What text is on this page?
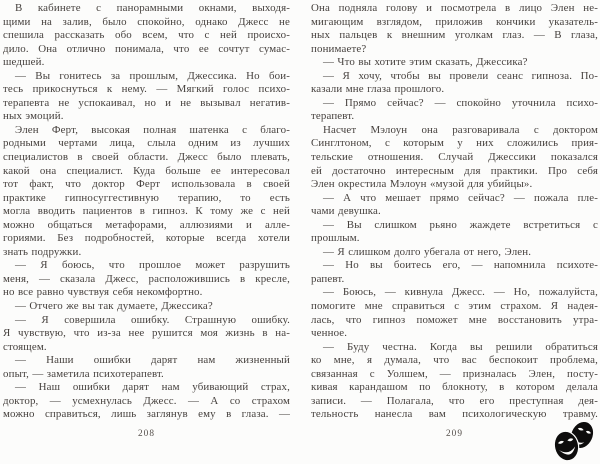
В кабинете с панорамными окнами, выходя-
щими на залив, было спокойно, однако Джесс не
спешила рассказать обо всем, что с ней происхо-
дило. Она отлично понимала, что ее сочтут сумас-
шедшей.
— Вы гонитесь за прошлым, Джессика. Но бои-
тесь прикоснуться к нему. — Мягкий голос психо-
терапевта не успокаивал, но и не вызывал негатив-
ных эмоций.
Элен Ферт, высокая полная шатенка с благо-
родными чертами лица, слыла одним из лучших
специалистов в своей области. Джесс было плевать,
какой она специалист. Куда больше ее интересовал
тот факт, что доктор Ферт использовала в своей
практике гипносуггестивную терапию, то есть
могла вводить пациентов в гипноз. К тому же с ней
можно общаться метафорами, аллюзиями и алле-
гориями. Без подробностей, которые всегда хотели
знать подружки.
— Я боюсь, что прошлое может разрушить
меня, — сказала Джесс, расположившись в кресле,
но все равно чувствуя себя некомфортно.
— Отчего же вы так думаете, Джессика?
— Я совершила ошибку. Страшную ошибку.
Я чувствую, что из-за нее рушится моя жизнь в на-
стоящем.
— Наши ошибки дарят нам жизненный
опыт, — заметила психотерапевт.
— Наш ошибки дарят нам убивающий страх,
доктор, — усмехнулась Джесс. — А со страхом
можно справиться, лишь заглянув ему в глаза. —
208
Она подняла голову и посмотрела в лицо Элен не-
мигающим взглядом, приложив кончики указатель-
ных пальцев к внешним уголкам глаз. — В глаза,
понимаете?
— Что вы хотите этим сказать, Джессика?
— Я хочу, чтобы вы провели сеанс гипноза. По-
казали мне глаза прошлого.
— Прямо сейчас? — спокойно уточнила психо-
терапевт.
Насчет Мэлоун она разговаривала с доктором
Синглтоном, с которым у них сложились прия-
тельские отношения. Случай Джессики показался
ей достаточно интересным для практики. Про себя
Элен окрестила Мэлоун «музой для убийцы».
— А что мешает прямо сейчас? — пожала пле-
чами девушка.
— Вы слишком рьяно жаждете встретиться с
прошлым.
— Я слишком долго убегала от него, Элен.
— Но вы боитесь его, — напомнила психоте-
рапевт.
— Боюсь, — кивнула Джесс. — Но, пожалуйста,
помогите мне справиться с этим страхом. Я надея-
лась, что гипноз поможет мне восстановить утра-
ченное.
— Буду честна. Когда вы решили обратиться
ко мне, я думала, что вас беспокоит проблема,
связанная с Уолшем, — призналась Элен, посту-
кивая карандашом по блокноту, в котором делала
записи. — Полагала, что его преступная дея-
тельность нанесла вам психологическую травму.
209
